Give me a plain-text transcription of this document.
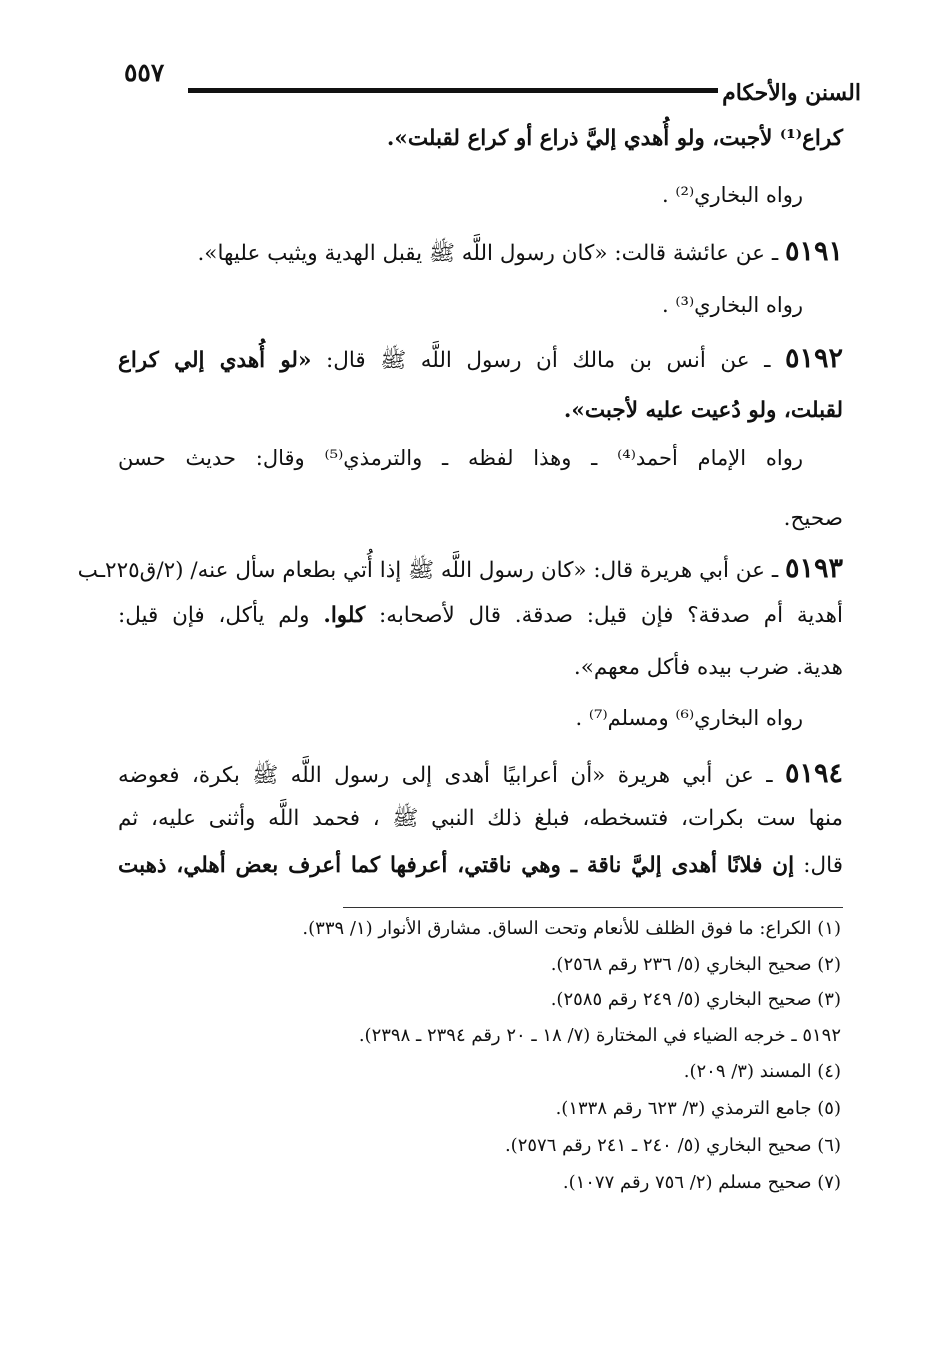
السنن والأحكام
٥٥٧
كراع⁽¹⁾ لأجبت، ولو أُهدي إليَّ ذراع أو كراع لقبلت».
رواه البخاري⁽²⁾ .
٥١٩١ ـ عن عائشة قالت: «كان رسول اللَّه ﷺ يقبل الهدية ويثيب عليها».
رواه البخاري⁽³⁾ .
٥١٩٢ ـ عن أنس بن مالك أن رسول اللَّه ﷺ قال: «لو أُهدي إلي كراع
لقبلت، ولو دُعيت عليه لأجبت».
رواه الإمام أحمد⁽⁴⁾ ـ وهذا لفظه ـ والترمذي⁽⁵⁾ وقال: حديث حسن
صحيح.
٥١٩٣ ـ عن أبي هريرة قال: «كان رسول اللَّه ﷺ إذا أُتي بطعام سأل عنه/ (٢/ق٢٢٥ـب
أهدية أم صدقة؟ فإن قيل: صدقة. قال لأصحابه: كلوا. ولم يأكل، فإن قيل:
هدية. ضرب بيده فأكل معهم».
رواه البخاري⁽⁶⁾ ومسلم⁽⁷⁾ .
٥١٩٤ ـ عن أبي هريرة «أن أعرابيًا أهدى إلى رسول اللَّه ﷺ بكرة، فعوضه
منها ست بكرات، فتسخطه، فبلغ ذلك النبي ﷺ ، فحمد اللَّه وأثنى عليه، ثم
قال: إن فلانًا أهدى إليَّ ناقة ـ وهي ناقتي، أعرفها كما أعرف بعض أهلي، ذهبت
(١) الكراع: ما فوق الظلف للأنعام وتحت الساق. مشارق الأنوار (١/ ٣٣٩).
(٢) صحيح البخاري (٥/ ٢٣٦ رقم ٢٥٦٨).
(٣) صحيح البخاري (٥/ ٢٤٩ رقم ٢٥٨٥).
٥١٩٢ ـ خرجه الضياء في المختارة (٧/ ١٨ ـ ٢٠ رقم ٢٣٩٤ ـ ٢٣٩٨).
(٤) المسند (٣/ ٢٠٩).
(٥) جامع الترمذي (٣/ ٦٢٣ رقم ١٣٣٨).
(٦) صحيح البخاري (٥/ ٢٤٠ ـ ٢٤١ رقم ٢٥٧٦).
(٧) صحيح مسلم (٢/ ٧٥٦ رقم ١٠٧٧).
